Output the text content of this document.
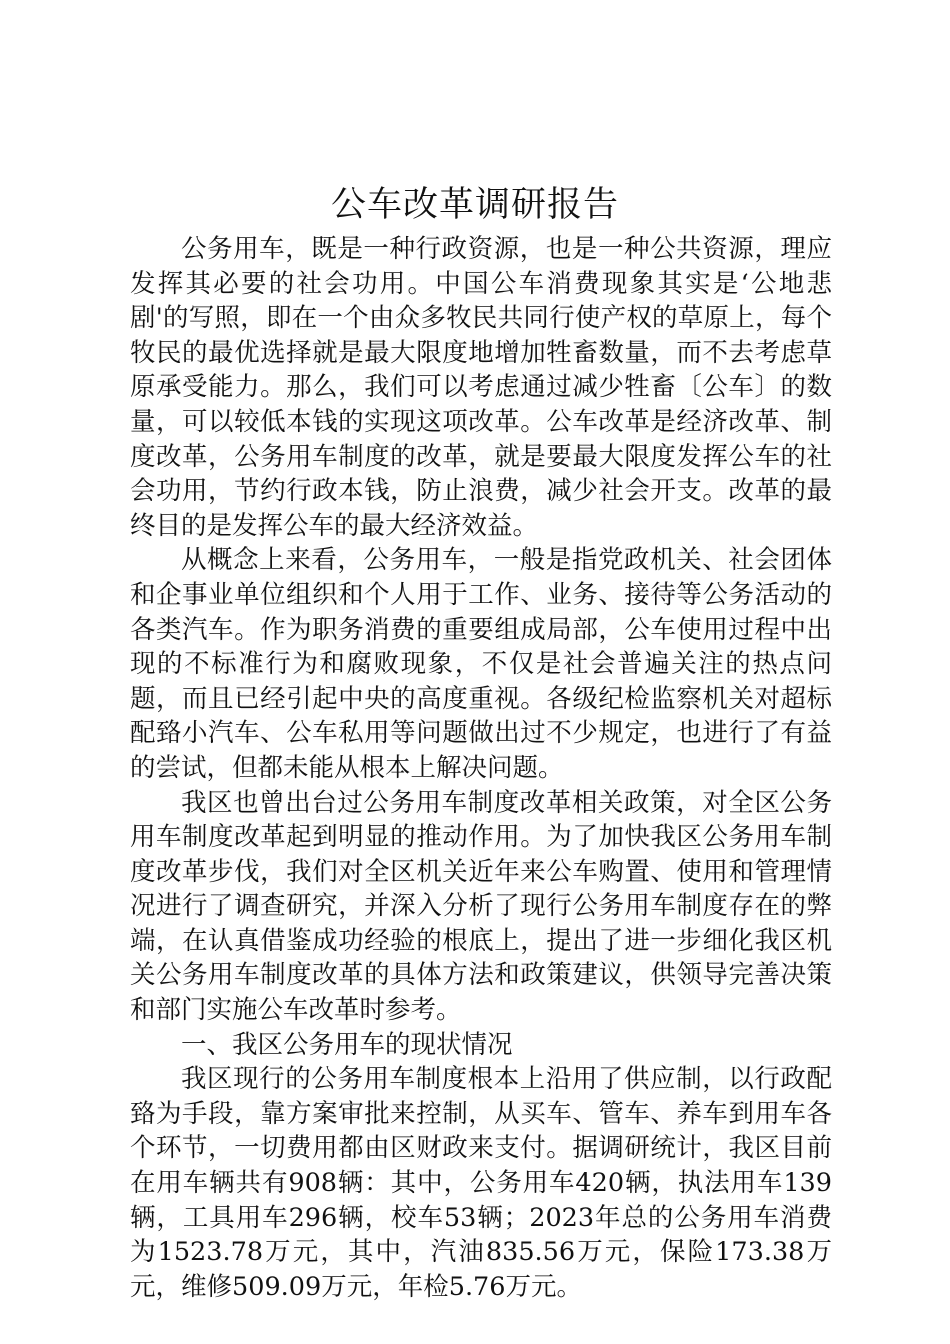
公车改革调研报告

公务用车，既是一种行政资源，也是一种公共资源，理应发挥其必要的社会功用。中国公车消费现象其实是‘公地悲剧'的写照，即在一个由众多牧民共同行使产权的草原上，每个牧民的最优选择就是最大限度地增加牲畜数量，而不去考虑草原承受能力。那么，我们可以考虑通过减少牲畜〔公车〕的数量，可以较低本钱的实现这项改革。公车改革是经济改革、制度改革，公务用车制度的改革，就是要最大限度发挥公车的社会功用，节约行政本钱，防止浪费，减少社会开支。改革的最终目的是发挥公车的最大经济效益。

从概念上来看，公务用车，一般是指党政机关、社会团体和企事业单位组织和个人用于工作、业务、接待等公务活动的各类汽车。作为职务消费的重要组成局部，公车使用过程中出现的不标准行为和腐败现象，不仅是社会普遍关注的热点问题，而且已经引起中央的高度重视。各级纪检监察机关对超标配臵小汽车、公车私用等问题做出过不少规定，也进行了有益的尝试，但都未能从根本上解决问题。

我区也曾出台过公务用车制度改革相关政策，对全区公务用车制度改革起到明显的推动作用。为了加快我区公务用车制度改革步伐，我们对全区机关近年来公车购置、使用和管理情况进行了调查研究，并深入分析了现行公务用车制度存在的弊端，在认真借鉴成功经验的根底上，提出了进一步细化我区机关公务用车制度改革的具体方法和政策建议，供领导完善决策和部门实施公车改革时参考。

一、我区公务用车的现状情况

我区现行的公务用车制度根本上沿用了供应制，以行政配臵为手段，靠方案审批来控制，从买车、管车、养车到用车各个环节，一切费用都由区财政来支付。据调研统计，我区目前在用车辆共有908辆：其中，公务用车420辆，执法用车139辆，工具用车296辆，校车53辆；2023年总的公务用车消费为1523.78万元，其中，汽油835.56万元，保险173.38万元，维修509.09万元，年检5.76万元。
